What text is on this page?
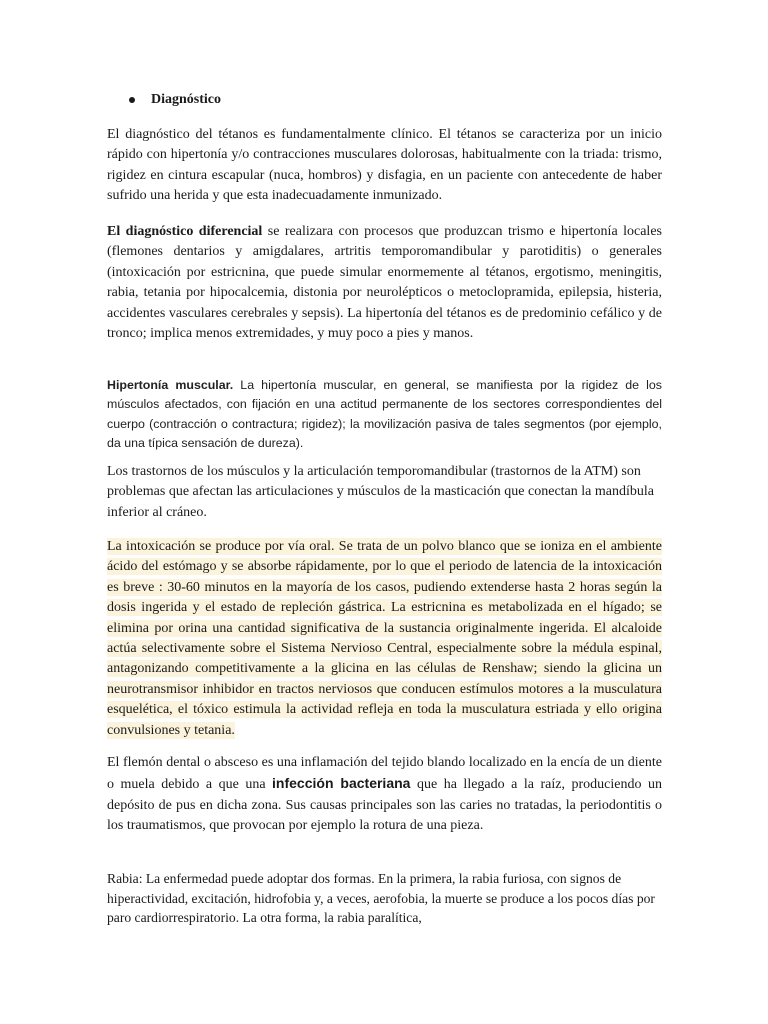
Diagnóstico

El diagnóstico del tétanos es fundamentalmente clínico. El tétanos se caracteriza por un inicio rápido con hipertonía y/o contracciones musculares dolorosas, habitualmente con la triada: trismo, rigidez en cintura escapular (nuca, hombros) y disfagia, en un paciente con antecedente de haber sufrido una herida y que esta inadecuadamente inmunizado.

El diagnóstico diferencial se realizara con procesos que produzcan trismo e hipertonía locales (flemones dentarios y amigdalares, artritis temporomandibular y parotiditis) o generales (intoxicación por estricnina, que puede simular enormemente al tétanos, ergotismo, meningitis, rabia, tetania por hipocalcemia, distonia por neurolépticos o metoclopramida, epilepsia, histeria, accidentes vasculares cerebrales y sepsis). La hipertonía del tétanos es de predominio cefálico y de tronco; implica menos extremidades, y muy poco a pies y manos.

Hipertonía muscular. La hipertonía muscular, en general, se manifiesta por la rigidez de los músculos afectados, con fijación en una actitud permanente de los sectores correspondientes del cuerpo (contracción o contractura; rigidez); la movilización pasiva de tales segmentos (por ejemplo, da una típica sensación de dureza).

Los trastornos de los músculos y la articulación temporomandibular (trastornos de la ATM) son problemas que afectan las articulaciones y músculos de la masticación que conectan la mandíbula inferior al cráneo.

La intoxicación se produce por vía oral. Se trata de un polvo blanco que se ioniza en el ambiente ácido del estómago y se absorbe rápidamente, por lo que el periodo de latencia de la intoxicación es breve : 30-60 minutos en la mayoría de los casos, pudiendo extenderse hasta 2 horas según la dosis ingerida y el estado de repleción gástrica. La estricnina es metabolizada en el hígado; se elimina por orina una cantidad significativa de la sustancia originalmente ingerida. El alcaloide actúa selectivamente sobre el Sistema Nervioso Central, especialmente sobre la médula espinal, antagonizando competitivamente a la glicina en las células de Renshaw; siendo la glicina un neurotransmisor inhibidor en tractos nerviosos que conducen estímulos motores a la musculatura esquelética, el tóxico estimula la actividad refleja en toda la musculatura estriada y ello origina convulsiones y tetania.

El flemón dental o absceso es una inflamación del tejido blando localizado en la encía de un diente o muela debido a que una infección bacteriana que ha llegado a la raíz, produciendo un depósito de pus en dicha zona. Sus causas principales son las caries no tratadas, la periodontitis o los traumatismos, que provocan por ejemplo la rotura de una pieza.

Rabia: La enfermedad puede adoptar dos formas. En la primera, la rabia furiosa, con signos de hiperactividad, excitación, hidrofobia y, a veces, aerofobia, la muerte se produce a los pocos días por paro cardiorrespiratorio. La otra forma, la rabia paralítica,
